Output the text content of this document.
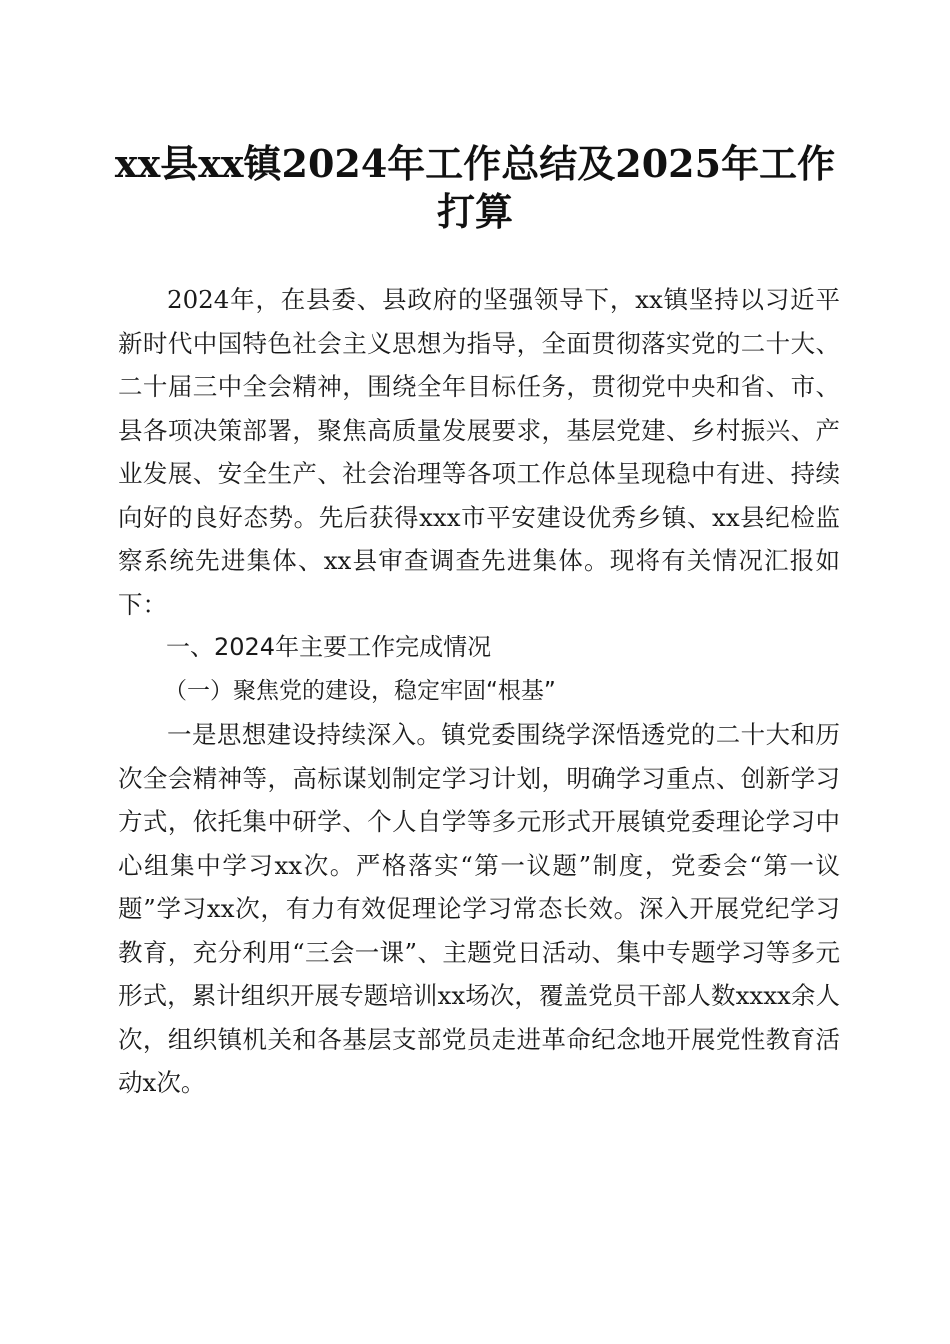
xx县xx镇2024年工作总结及2025年工作打算

2024年，在县委、县政府的坚强领导下，xx镇坚持以习近平新时代中国特色社会主义思想为指导，全面贯彻落实党的二十大、二十届三中全会精神，围绕全年目标任务，贯彻党中央和省、市、县各项决策部署，聚焦高质量发展要求，基层党建、乡村振兴、产业发展、安全生产、社会治理等各项工作总体呈现稳中有进、持续向好的良好态势。先后获得xxx市平安建设优秀乡镇、xx县纪检监察系统先进集体、xx县审查调查先进集体。现将有关情况汇报如下：

一、2024年主要工作完成情况

（一）聚焦党的建设，稳定牢固“根基”

一是思想建设持续深入。镇党委围绕学深悟透党的二十大和历次全会精神等，高标谋划制定学习计划，明确学习重点、创新学习方式，依托集中研学、个人自学等多元形式开展镇党委理论学习中心组集中学习xx次。严格落实“第一议题”制度，党委会“第一议题”学习xx次，有力有效促理论学习常态长效。深入开展党纪学习教育，充分利用“三会一课”、主题党日活动、集中专题学习等多元形式，累计组织开展专题培训xx场次，覆盖党员干部人数xxxx余人次，组织镇机关和各基层支部党员走进革命纪念地开展党性教育活动x次。
